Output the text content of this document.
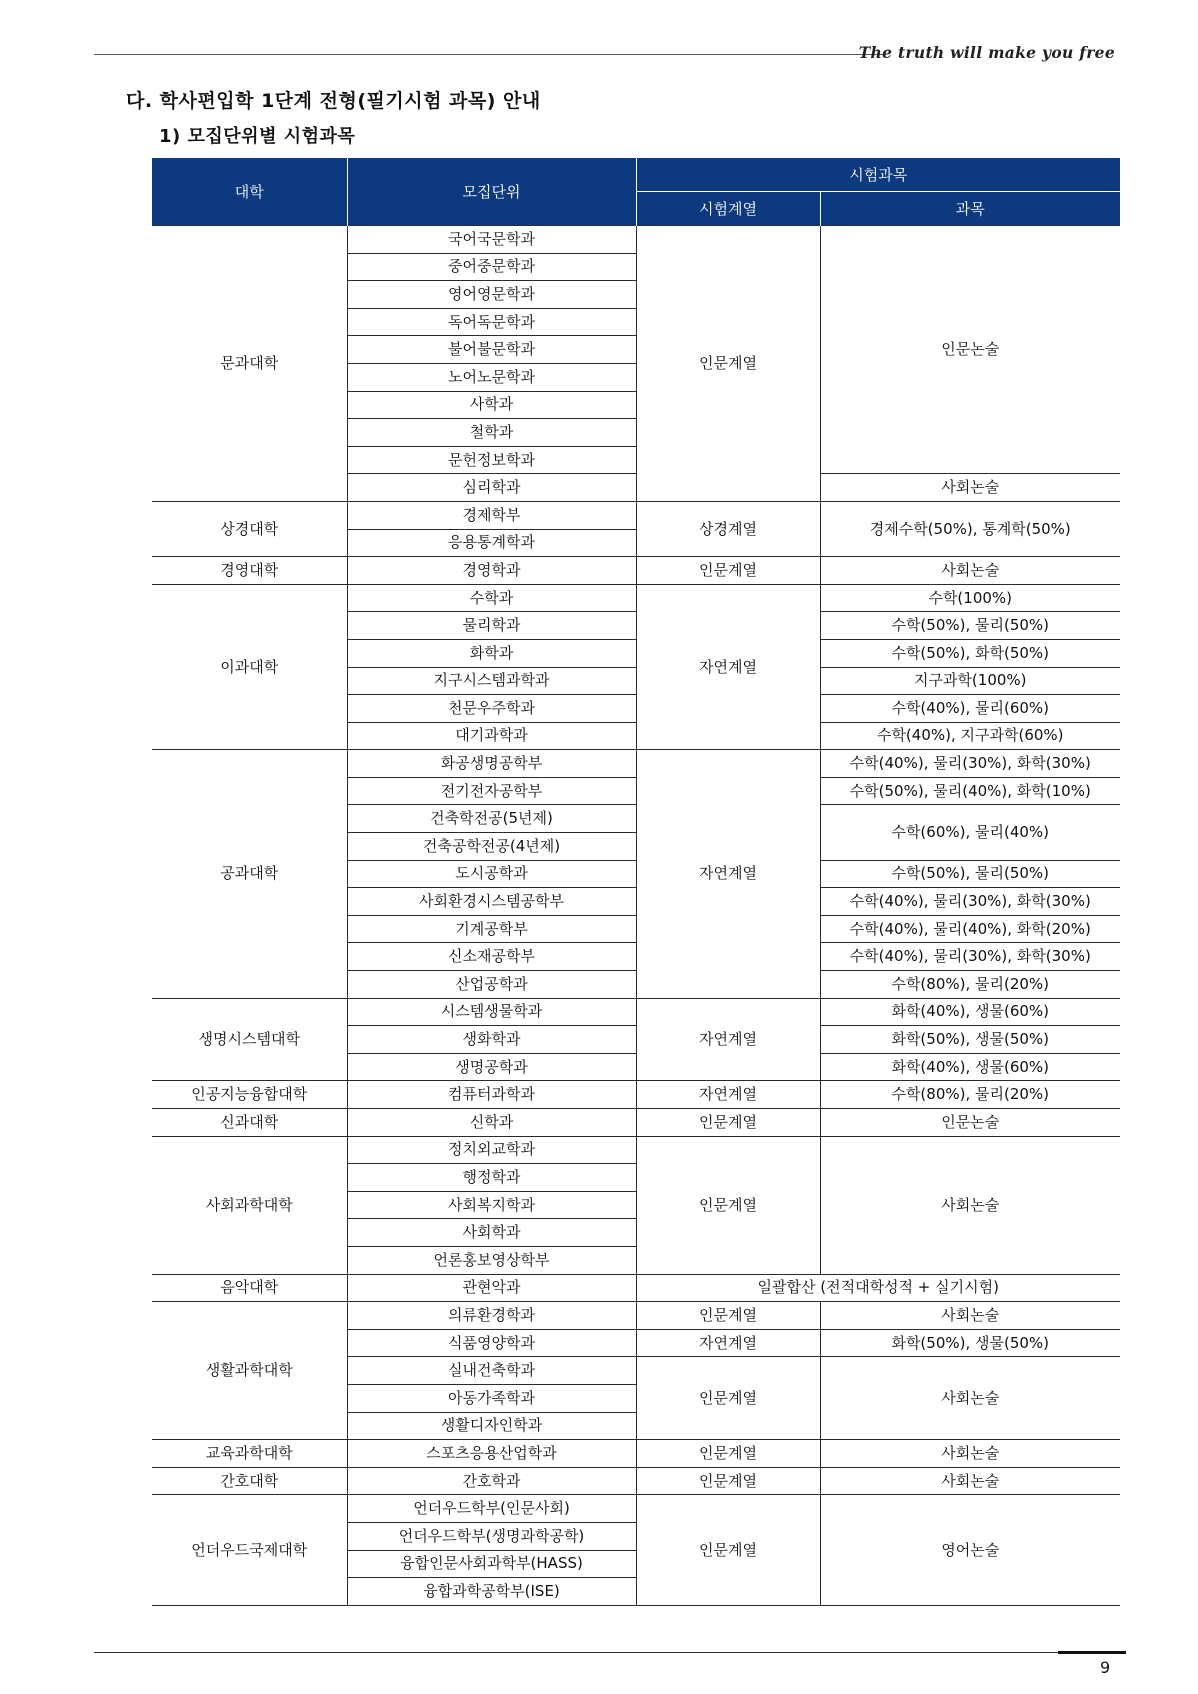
The truth will make you free
다. 학사편입학 1단계 전형(필기시험 과목) 안내
1) 모집단위별 시험과목
대학	모집단위	시험과목	
		시험계열	과목
문과대학	국어국문학과	인문계열	인문논술
	중어중문학과		
	영어영문학과		
	독어독문학과		
	불어불문학과		
	노어노문학과		
	사학과		
	철학과		
	문헌정보학과		
	심리학과		사회논술
상경대학	경제학부	상경계열	경제수학(50%), 통계학(50%)
	응용통계학과		
경영대학	경영학과	인문계열	사회논술
이과대학	수학과	자연계열	수학(100%)
	물리학과		수학(50%), 물리(50%)
	화학과		수학(50%), 화학(50%)
	지구시스템과학과		지구과학(100%)
	천문우주학과		수학(40%), 물리(60%)
	대기과학과		수학(40%), 지구과학(60%)
공과대학	화공생명공학부	자연계열	수학(40%), 물리(30%), 화학(30%)
	전기전자공학부		수학(50%), 물리(40%), 화학(10%)
	건축학전공(5년제)		수학(60%), 물리(40%)
	건축공학전공(4년제)		
	도시공학과		수학(50%), 물리(50%)
	사회환경시스템공학부		수학(40%), 물리(30%), 화학(30%)
	기계공학부		수학(40%), 물리(40%), 화학(20%)
	신소재공학부		수학(40%), 물리(30%), 화학(30%)
	산업공학과		수학(80%), 물리(20%)
생명시스템대학	시스템생물학과	자연계열	화학(40%), 생물(60%)
	생화학과		화학(50%), 생물(50%)
	생명공학과		화학(40%), 생물(60%)
인공지능융합대학	컴퓨터과학과	자연계열	수학(80%), 물리(20%)
신과대학	신학과	인문계열	인문논술
사회과학대학	정치외교학과	인문계열	사회논술
	행정학과		
	사회복지학과		
	사회학과		
	언론홍보영상학부		
음악대학	관현악과	일괄합산 (전적대학성적 + 실기시험)	
생활과학대학	의류환경학과	인문계열	사회논술
	식품영양학과	자연계열	화학(50%), 생물(50%)
	실내건축학과	인문계열	사회논술
	아동가족학과		
	생활디자인학과		
교육과학대학	스포츠응용산업학과	인문계열	사회논술
간호대학	간호학과	인문계열	사회논술
언더우드국제대학	언더우드학부(인문사회)	인문계열	영어논술
	언더우드학부(생명과학공학)		
	융합인문사회과학부(HASS)		
	융합과학공학부(ISE)		
9
